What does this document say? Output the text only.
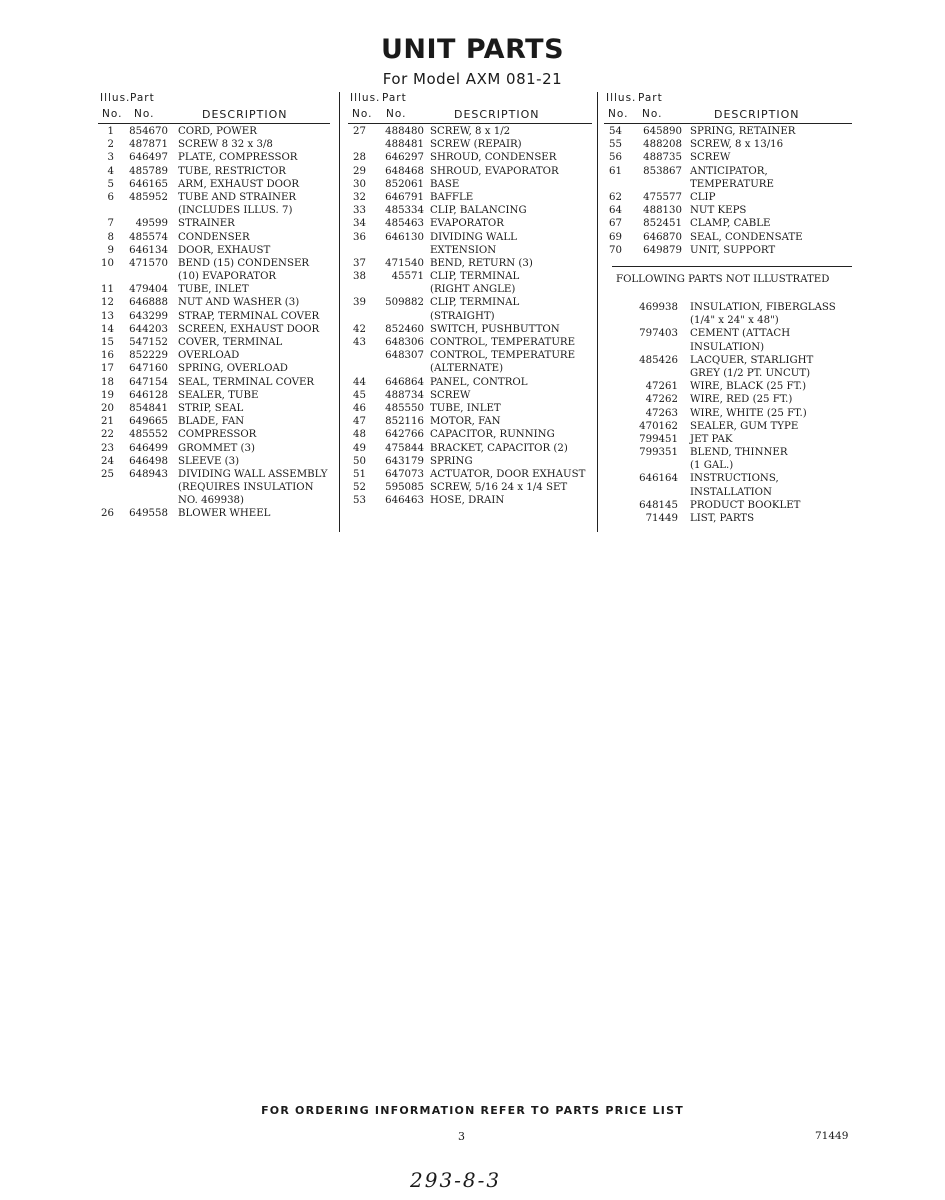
UNIT PARTS
For Model AXM 081-21
Illus. Part
No. No.	DESCRIPTION
1	854670 CORD, POWER
2	487871 SCREW 8 32 x 3/8
3	646497 PLATE, COMPRESSOR
4	485789 TUBE, RESTRICTOR
5	646165 ARM, EXHAUST DOOR
6	485952 TUBE AND STRAINER
(INCLUDES ILLUS. 7)
7	49599 STRAINER
8	485574 CONDENSER
9	646134 DOOR, EXHAUST
10	471570 BEND (15) CONDENSER
(10) EVAPORATOR
11	479404 TUBE, INLET
12	646888 NUT AND WASHER (3)
13	643299 STRAP, TERMINAL COVER
14	644203 SCREEN, EXHAUST DOOR
15	547152 COVER, TERMINAL
16	852229 OVERLOAD
17	647160 SPRING, OVERLOAD
18	647154 SEAL, TERMINAL COVER
19	646128 SEALER, TUBE
20	854841 STRIP, SEAL
21	649665 BLADE, FAN
22	485552 COMPRESSOR
23	646499 GROMMET (3)
24	646498 SLEEVE (3)
25	648943 DIVIDING WALL ASSEMBLY
(REQUIRES INSULATION
NO. 469938)
26	649558 BLOWER WHEEL
Illus. Part
No. No.	DESCRIPTION
27	488480 SCREW, 8 x 1/2
488481 SCREW (REPAIR)
28	646297 SHROUD, CONDENSER
29	648468 SHROUD, EVAPORATOR
30	852061 BASE
32	646791 BAFFLE
33	485334 CLIP, BALANCING
34	485463 EVAPORATOR
36	646130 DIVIDING WALL
EXTENSION
37	471540 BEND, RETURN (3)
38	45571 CLIP, TERMINAL
(RIGHT ANGLE)
39	509882 CLIP, TERMINAL
(STRAIGHT)
42	852460 SWITCH, PUSHBUTTON
43	648306 CONTROL, TEMPERATURE
648307 CONTROL, TEMPERATURE
(ALTERNATE)
44	646864 PANEL, CONTROL
45	488734 SCREW
46	485550 TUBE, INLET
47	852116 MOTOR, FAN
48	642766 CAPACITOR, RUNNING
49	475844 BRACKET, CAPACITOR (2)
50	643179 SPRING
51	647073 ACTUATOR, DOOR EXHAUST
52	595085 SCREW, 5/16 24 x 1/4 SET
53	646463 HOSE, DRAIN
Illus. Part
No. No.	DESCRIPTION
54	645890 SPRING, RETAINER
55	488208 SCREW, 8 x 13/16
56	488735 SCREW
61	853867 ANTICIPATOR,
TEMPERATURE
62	475577 CLIP
64	488130 NUT KEPS
67	852451 CLAMP, CABLE
69	646870 SEAL, CONDENSATE
70	649879 UNIT, SUPPORT
FOLLOWING PARTS NOT ILLUSTRATED
469938 INSULATION, FIBERGLASS
(1/4" x 24" x 48")
797403 CEMENT (ATTACH
INSULATION)
485426 LACQUER, STARLIGHT
GREY (1/2 PT. UNCUT)
47261 WIRE, BLACK (25 FT.)
47262 WIRE, RED (25 FT.)
47263 WIRE, WHITE (25 FT.)
470162 SEALER, GUM TYPE
799451 JET PAK
799351 BLEND, THINNER
(1 GAL.)
646164 INSTRUCTIONS,
INSTALLATION
648145 PRODUCT BOOKLET
71449 LIST, PARTS
FOR ORDERING INFORMATION REFER TO PARTS PRICE LIST
3	71449
293-8-3
